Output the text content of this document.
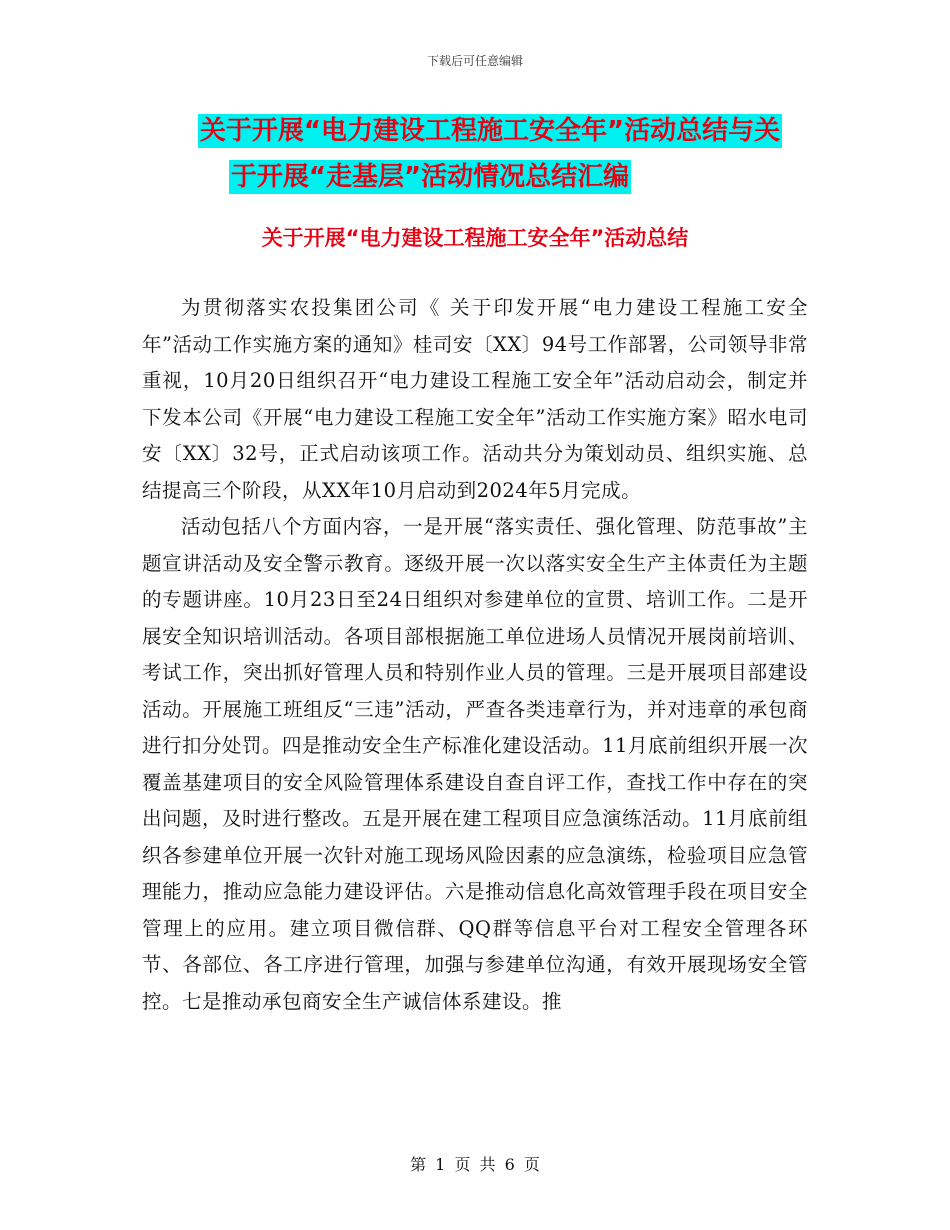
下载后可任意编辑
关于开展“电力建设工程施工安全年”活动总结与关
于开展“走基层”活动情况总结汇编
关于开展“电力建设工程施工安全年”活动总结

为贯彻落实农投集团公司《 关于印发开展“电力建设工程施工安全年”活动工作实施方案的通知》桂司安〔XX〕94号工作部署，公司领导非常重视，10月20日组织召开“电力建设工程施工安全年”活动启动会，制定并下发本公司《开展“电力建设工程施工安全年”活动工作实施方案》昭水电司安〔XX〕32号，正式启动该项工作。活动共分为策划动员、组织实施、总结提高三个阶段，从XX年10月启动到2024年5月完成。

活动包括八个方面内容，一是开展“落实责任、强化管理、防范事故”主题宣讲活动及安全警示教育。逐级开展一次以落实安全生产主体责任为主题的专题讲座。10月23日至24日组织对参建单位的宣贯、培训工作。二是开展安全知识培训活动。各项目部根据施工单位进场人员情况开展岗前培训、考试工作，突出抓好管理人员和特别作业人员的管理。三是开展项目部建设活动。开展施工班组反“三违”活动，严查各类违章行为，并对违章的承包商进行扣分处罚。四是推动安全生产标准化建设活动。11月底前组织开展一次覆盖基建项目的安全风险管理体系建设自查自评工作，查找工作中存在的突出问题，及时进行整改。五是开展在建工程项目应急演练活动。11月底前组织各参建单位开展一次针对施工现场风险因素的应急演练，检验项目应急管理能力，推动应急能力建设评估。六是推动信息化高效管理手段在项目安全管理上的应用。建立项目微信群、QQ群等信息平台对工程安全管理各环节、各部位、各工序进行管理，加强与参建单位沟通，有效开展现场安全管控。七是推动承包商安全生产诚信体系建设。推

第 1 页 共 6 页
